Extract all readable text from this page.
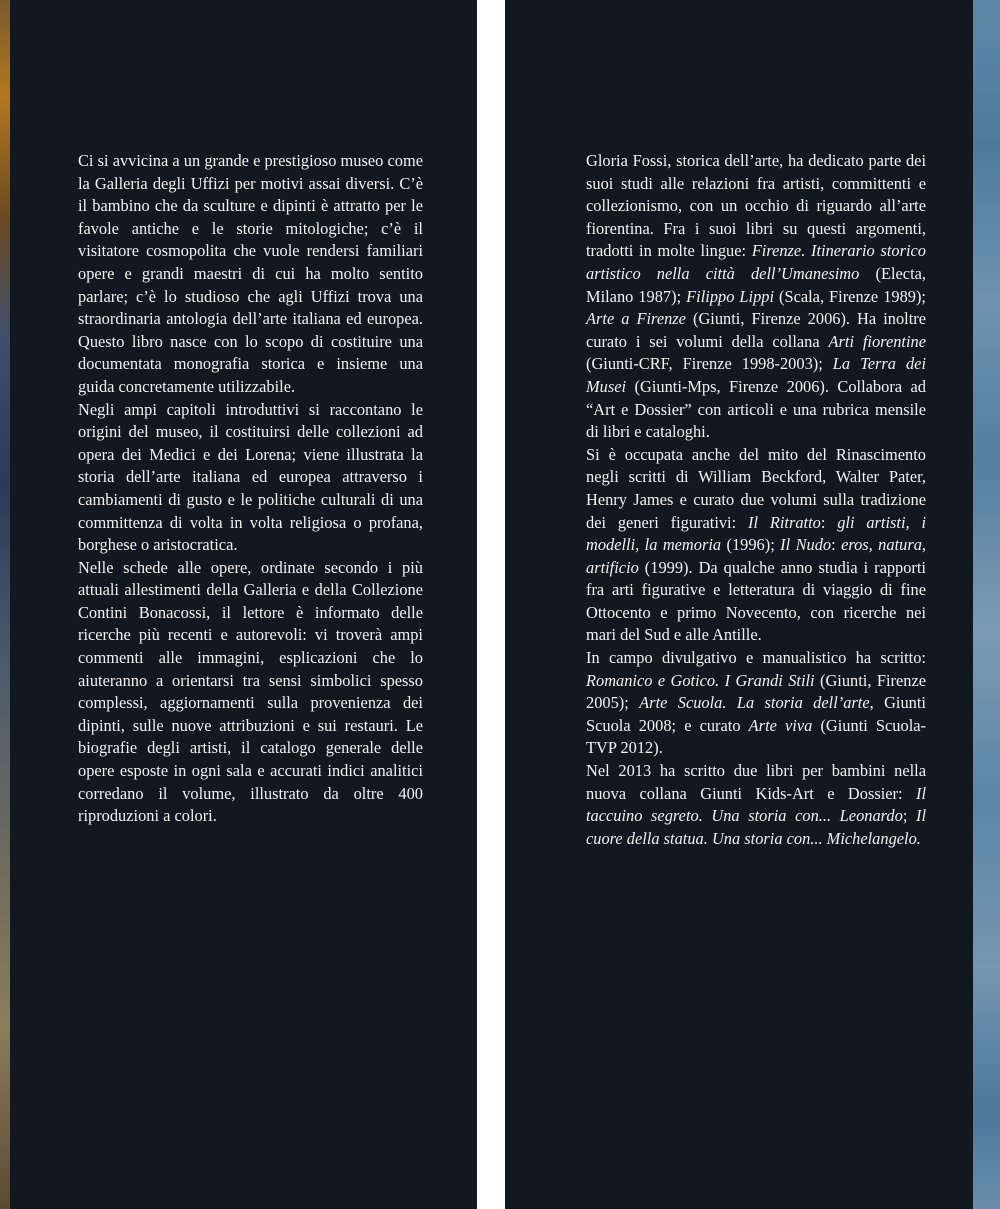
Ci si avvicina a un grande e prestigioso museo come la Galleria degli Uffizi per motivi assai diversi. C’è il bambino che da sculture e dipinti è attratto per le favole antiche e le storie mitologiche; c’è il visitatore cosmopolita che vuole rendersi familiari opere e grandi maestri di cui ha molto sentito parlare; c’è lo studioso che agli Uffizi trova una straordinaria antologia dell’arte italiana ed europea. Questo libro nasce con lo scopo di costituire una documentata monografia storica e insieme una guida concretamente utilizzabile.

Negli ampi capitoli introduttivi si raccontano le origini del museo, il costituirsi delle collezioni ad opera dei Medici e dei Lorena; viene illustrata la storia dell’arte italiana ed europea attraverso i cambiamenti di gusto e le politiche culturali di una committenza di volta in volta religiosa o profana, borghese o aristocratica.

Nelle schede alle opere, ordinate secondo i più attuali allestimenti della Galleria e della Collezione Contini Bonacossi, il lettore è informato delle ricerche più recenti e autorevoli: vi troverà ampi commenti alle immagini, esplicazioni che lo aiuteranno a orientarsi tra sensi simbolici spesso complessi, aggiornamenti sulla provenienza dei dipinti, sulle nuove attribuzioni e sui restauri. Le biografie degli artisti, il catalogo generale delle opere esposte in ogni sala e accurati indici analitici corredano il volume, illustrato da oltre 400 riproduzioni a colori.

Gloria Fossi, storica dell’arte, ha dedicato parte dei suoi studi alle relazioni fra artisti, committenti e collezionismo, con un occhio di riguardo all’arte fiorentina. Fra i suoi libri su questi argomenti, tradotti in molte lingue: Firenze. Itinerario storico artistico nella città dell’Umanesimo (Electa, Milano 1987); Filippo Lippi (Scala, Firenze 1989); Arte a Firenze (Giunti, Firenze 2006). Ha inoltre curato i sei volumi della collana Arti fiorentine (Giunti-CRF, Firenze 1998-2003); La Terra dei Musei (Giunti-Mps, Firenze 2006). Collabora ad “Art e Dossier” con articoli e una rubrica mensile di libri e cataloghi.

Si è occupata anche del mito del Rinascimento negli scritti di William Beckford, Walter Pater, Henry James e curato due volumi sulla tradizione dei generi figurativi: Il Ritratto: gli artisti, i modelli, la memoria (1996); Il Nudo: eros, natura, artificio (1999). Da qualche anno studia i rapporti fra arti figurative e letteratura di viaggio di fine Ottocento e primo Novecento, con ricerche nei mari del Sud e alle Antille.

In campo divulgativo e manualistico ha scritto: Romanico e Gotico. I Grandi Stili (Giunti, Firenze 2005); Arte Scuola. La storia dell’arte, Giunti Scuola 2008; e curato Arte viva (Giunti Scuola-TVP 2012).

Nel 2013 ha scritto due libri per bambini nella nuova collana Giunti Kids-Art e Dossier: Il taccuino segreto. Una storia con... Leonardo; Il cuore della statua. Una storia con... Michelangelo.
